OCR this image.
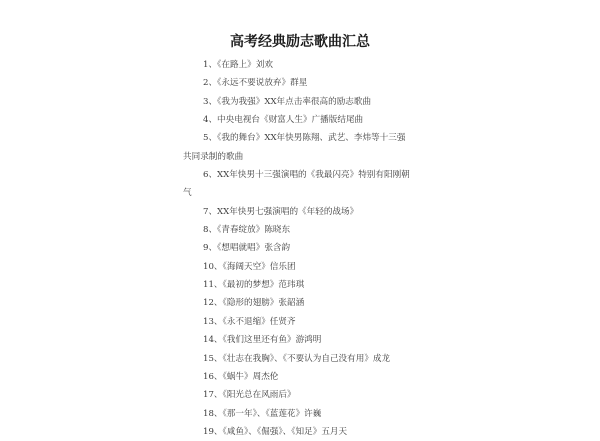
高考经典励志歌曲汇总
1、《在路上》刘欢
2、《永远不要说放弃》群星
3、《我为我强》XX年点击率很高的励志歌曲
4、中央电视台《财富人生》广播版结尾曲
5、《我的舞台》XX年快男陈翔、武艺、李炜等十三强
共同录制的歌曲
6、XX年快男十三强演唱的《我最闪亮》特别有阳刚朝
气
7、XX年快男七强演唱的《年轻的战场》
8、《青春绽放》陈晓东
9、《想唱就唱》张含韵
10、《海阔天空》信乐团
11、《最初的梦想》范玮琪
12、《隐形的翅膀》张韶涵
13、《永不退缩》任贤齐
14、《我们这里还有鱼》游鸿明
15、《壮志在我胸》、《不要认为自己没有用》成龙
16、《蜗牛》周杰伦
17、《阳光总在风雨后》
18、《那一年》、《蓝莲花》许巍
19、《咸鱼》、《倔强》、《知足》五月天
